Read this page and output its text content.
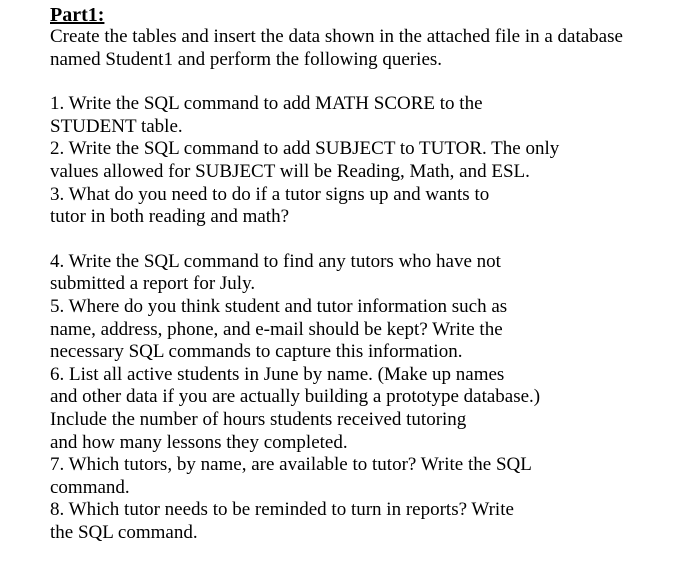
Part1:
Create the tables and insert the data shown in the attached file in a database
named Student1 and perform the following queries.
1. Write the SQL command to add MATH SCORE to the
STUDENT table.
2. Write the SQL command to add SUBJECT to TUTOR. The only
values allowed for SUBJECT will be Reading, Math, and ESL.
3. What do you need to do if a tutor signs up and wants to
tutor in both reading and math?
4. Write the SQL command to find any tutors who have not
submitted a report for July.
5. Where do you think student and tutor information such as
name, address, phone, and e-mail should be kept? Write the
necessary SQL commands to capture this information.
6. List all active students in June by name. (Make up names
and other data if you are actually building a prototype database.)
Include the number of hours students received tutoring
and how many lessons they completed.
7. Which tutors, by name, are available to tutor? Write the SQL
command.
8. Which tutor needs to be reminded to turn in reports? Write
the SQL command.
